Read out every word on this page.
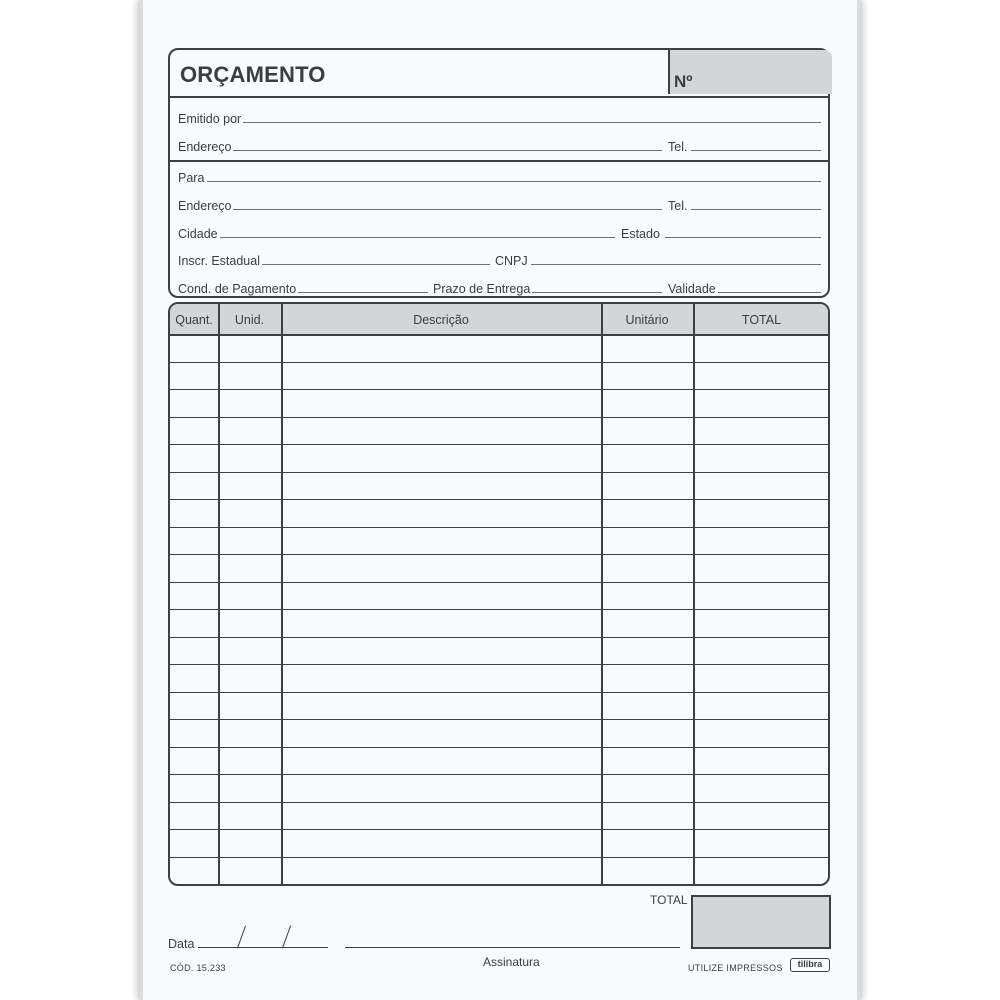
ORÇAMENTO	Nº
Emitido por
Endereço	Tel.
Para
Endereço	Tel.
Cidade	Estado
Inscr. Estadual	CNPJ
Cond. de Pagamento	Prazo de Entrega	Validade
Quant.	Unid.	Descrição	Unitário	TOTAL
TOTAL
Data
Assinatura
CÓD. 15.233	UTILIZE IMPRESSOS	tilibra
